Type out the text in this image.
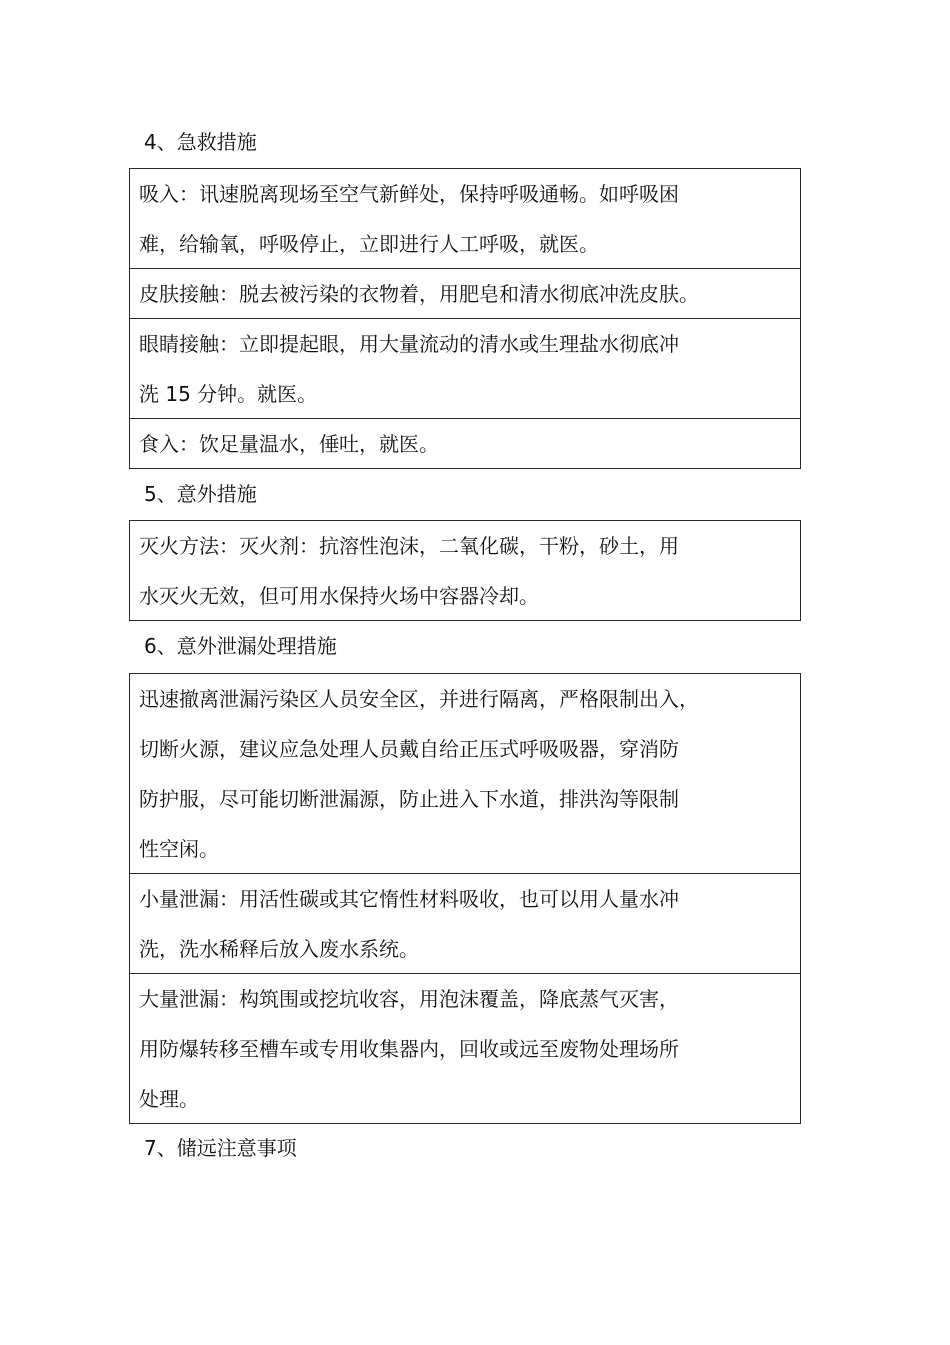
4、急救措施
吸入：讯速脱离现场至空气新鲜处，保持呼吸通畅。如呼吸困
难，给输氧，呼吸停止，立即进行人工呼吸，就医。
皮肤接触：脱去被污染的衣物着，用肥皂和清水彻底冲洗皮肤。
眼睛接触：立即提起眼，用大量流动的清水或生理盐水彻底冲
洗 15 分钟。就医。
食入：饮足量温水，倕吐，就医。
5、意外措施
灭火方法：灭火剂：抗溶性泡沫，二氧化碳，干粉，砂土，用
水灭火无效，但可用水保持火场中容器冷却。
6、意外泄漏处理措施
迅速撤离泄漏污染区人员安全区，并进行隔离，严格限制出入，
切断火源，建议应急处理人员戴自给正压式呼吸吸器，穿消防
防护服，尽可能切断泄漏源，防止进入下水道，排洪沟等限制
性空闲。
小量泄漏：用活性碳或其它惰性材料吸收，也可以用人量水冲
洗，洗水稀释后放入废水系统。
大量泄漏：构筑围或挖坑收容，用泡沫覆盖，降底蒸气灭害，
用防爆转移至槽车或专用收集器内，回收或远至废物处理场所
处理。
7、储远注意事项
